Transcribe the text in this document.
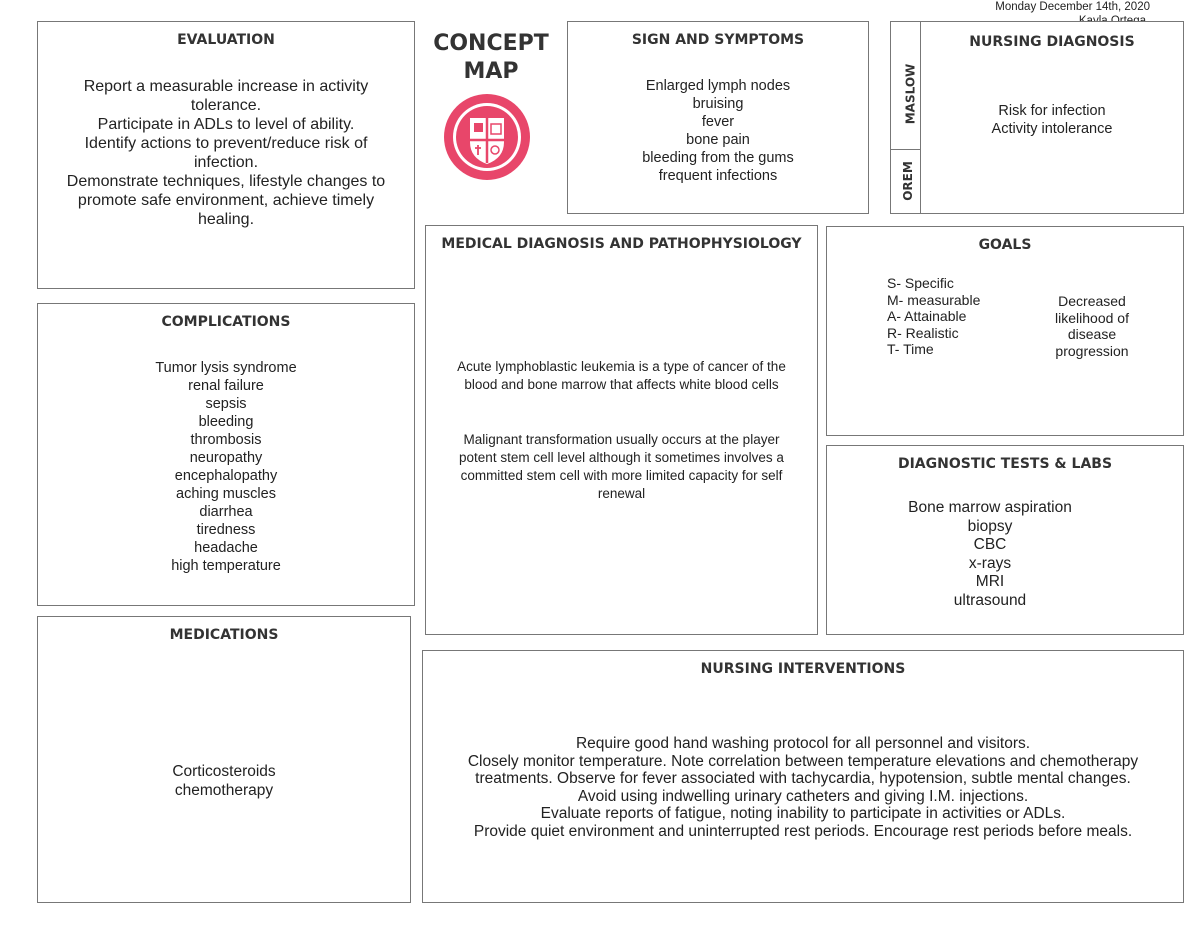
Monday December 14th, 2020
CONCEPT
MAP
EVALUATION
Report a measurable increase in activity
tolerance.
Participate in ADLs to level of ability.
Identify actions to prevent/reduce risk of
infection.
Demonstrate techniques, lifestyle changes to
promote safe environment, achieve timely
healing.
SIGN AND SYMPTOMS
Enlarged lymph nodes
bruising
fever
bone pain
bleeding from the gums
frequent infections
MASLOW
OREM
NURSING DIAGNOSIS
Risk for infection
Activity intolerance
MEDICAL DIAGNOSIS AND PATHOPHYSIOLOGY
Acute lymphoblastic leukemia is a type of cancer of the
blood and bone marrow that affects white blood cells
Malignant transformation usually occurs at the player
potent stem cell level although it sometimes involves a
committed stem cell with more limited capacity for self
renewal
GOALS
S- Specific
M- measurable
A- Attainable
R- Realistic
T- Time
Decreased
likelihood of
disease
progression
COMPLICATIONS
Tumor lysis syndrome
renal failure
sepsis
bleeding
thrombosis
neuropathy
encephalopathy
aching muscles
diarrhea
tiredness
headache
high temperature
DIAGNOSTIC TESTS & LABS
Bone marrow aspiration
biopsy
CBC
x-rays
MRI
ultrasound
MEDICATIONS
Corticosteroids
chemotherapy
NURSING INTERVENTIONS
Require good hand washing protocol for all personnel and visitors.
Closely monitor temperature. Note correlation between temperature elevations and chemotherapy
treatments. Observe for fever associated with tachycardia, hypotension, subtle mental changes.
Avoid using indwelling urinary catheters and giving I.M. injections.
Evaluate reports of fatigue, noting inability to participate in activities or ADLs.
Provide quiet environment and uninterrupted rest periods. Encourage rest periods before meals.
